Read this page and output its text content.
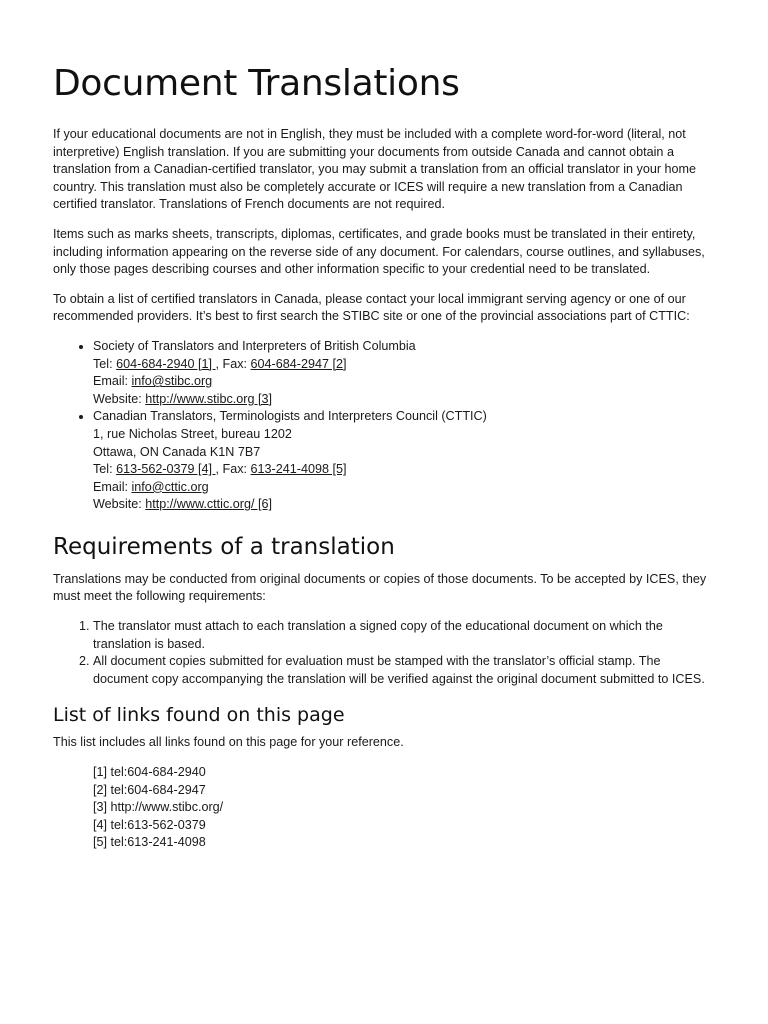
Document Translations

If your educational documents are not in English, they must be included with a complete word-for-word (literal, not interpretive) English translation. If you are submitting your documents from outside Canada and cannot obtain a translation from a Canadian-certified translator, you may submit a translation from an official translator in your home country. This translation must also be completely accurate or ICES will require a new translation from a Canadian certified translator. Translations of French documents are not required.

Items such as marks sheets, transcripts, diplomas, certificates, and grade books must be translated in their entirety, including information appearing on the reverse side of any document. For calendars, course outlines, and syllabuses, only those pages describing courses and other information specific to your credential need to be translated.

To obtain a list of certified translators in Canada, please contact your local immigrant serving agency or one of our recommended providers. It’s best to first search the STIBC site or one of the provincial associations part of CTTIC:

• Society of Translators and Interpreters of British Columbia
Tel: 604-684-2940 [1] , Fax: 604-684-2947 [2]
Email: info@stibc.org
Website: http://www.stibc.org [3]
• Canadian Translators, Terminologists and Interpreters Council (CTTIC)
1, rue Nicholas Street, bureau 1202
Ottawa, ON Canada K1N 7B7
Tel: 613-562-0379 [4] , Fax: 613-241-4098 [5]
Email: info@cttic.org
Website: http://www.cttic.org/ [6]
Requirements of a translation

Translations may be conducted from original documents or copies of those documents. To be accepted by ICES, they must meet the following requirements:

1. The translator must attach to each translation a signed copy of the educational document on which the translation is based.
2. All document copies submitted for evaluation must be stamped with the translator’s official stamp. The document copy accompanying the translation will be verified against the original document submitted to ICES.
List of links found on this page

This list includes all links found on this page for your reference.

[1] tel:604-684-2940
[2] tel:604-684-2947
[3] http://www.stibc.org/
[4] tel:613-562-0379
[5] tel:613-241-4098
